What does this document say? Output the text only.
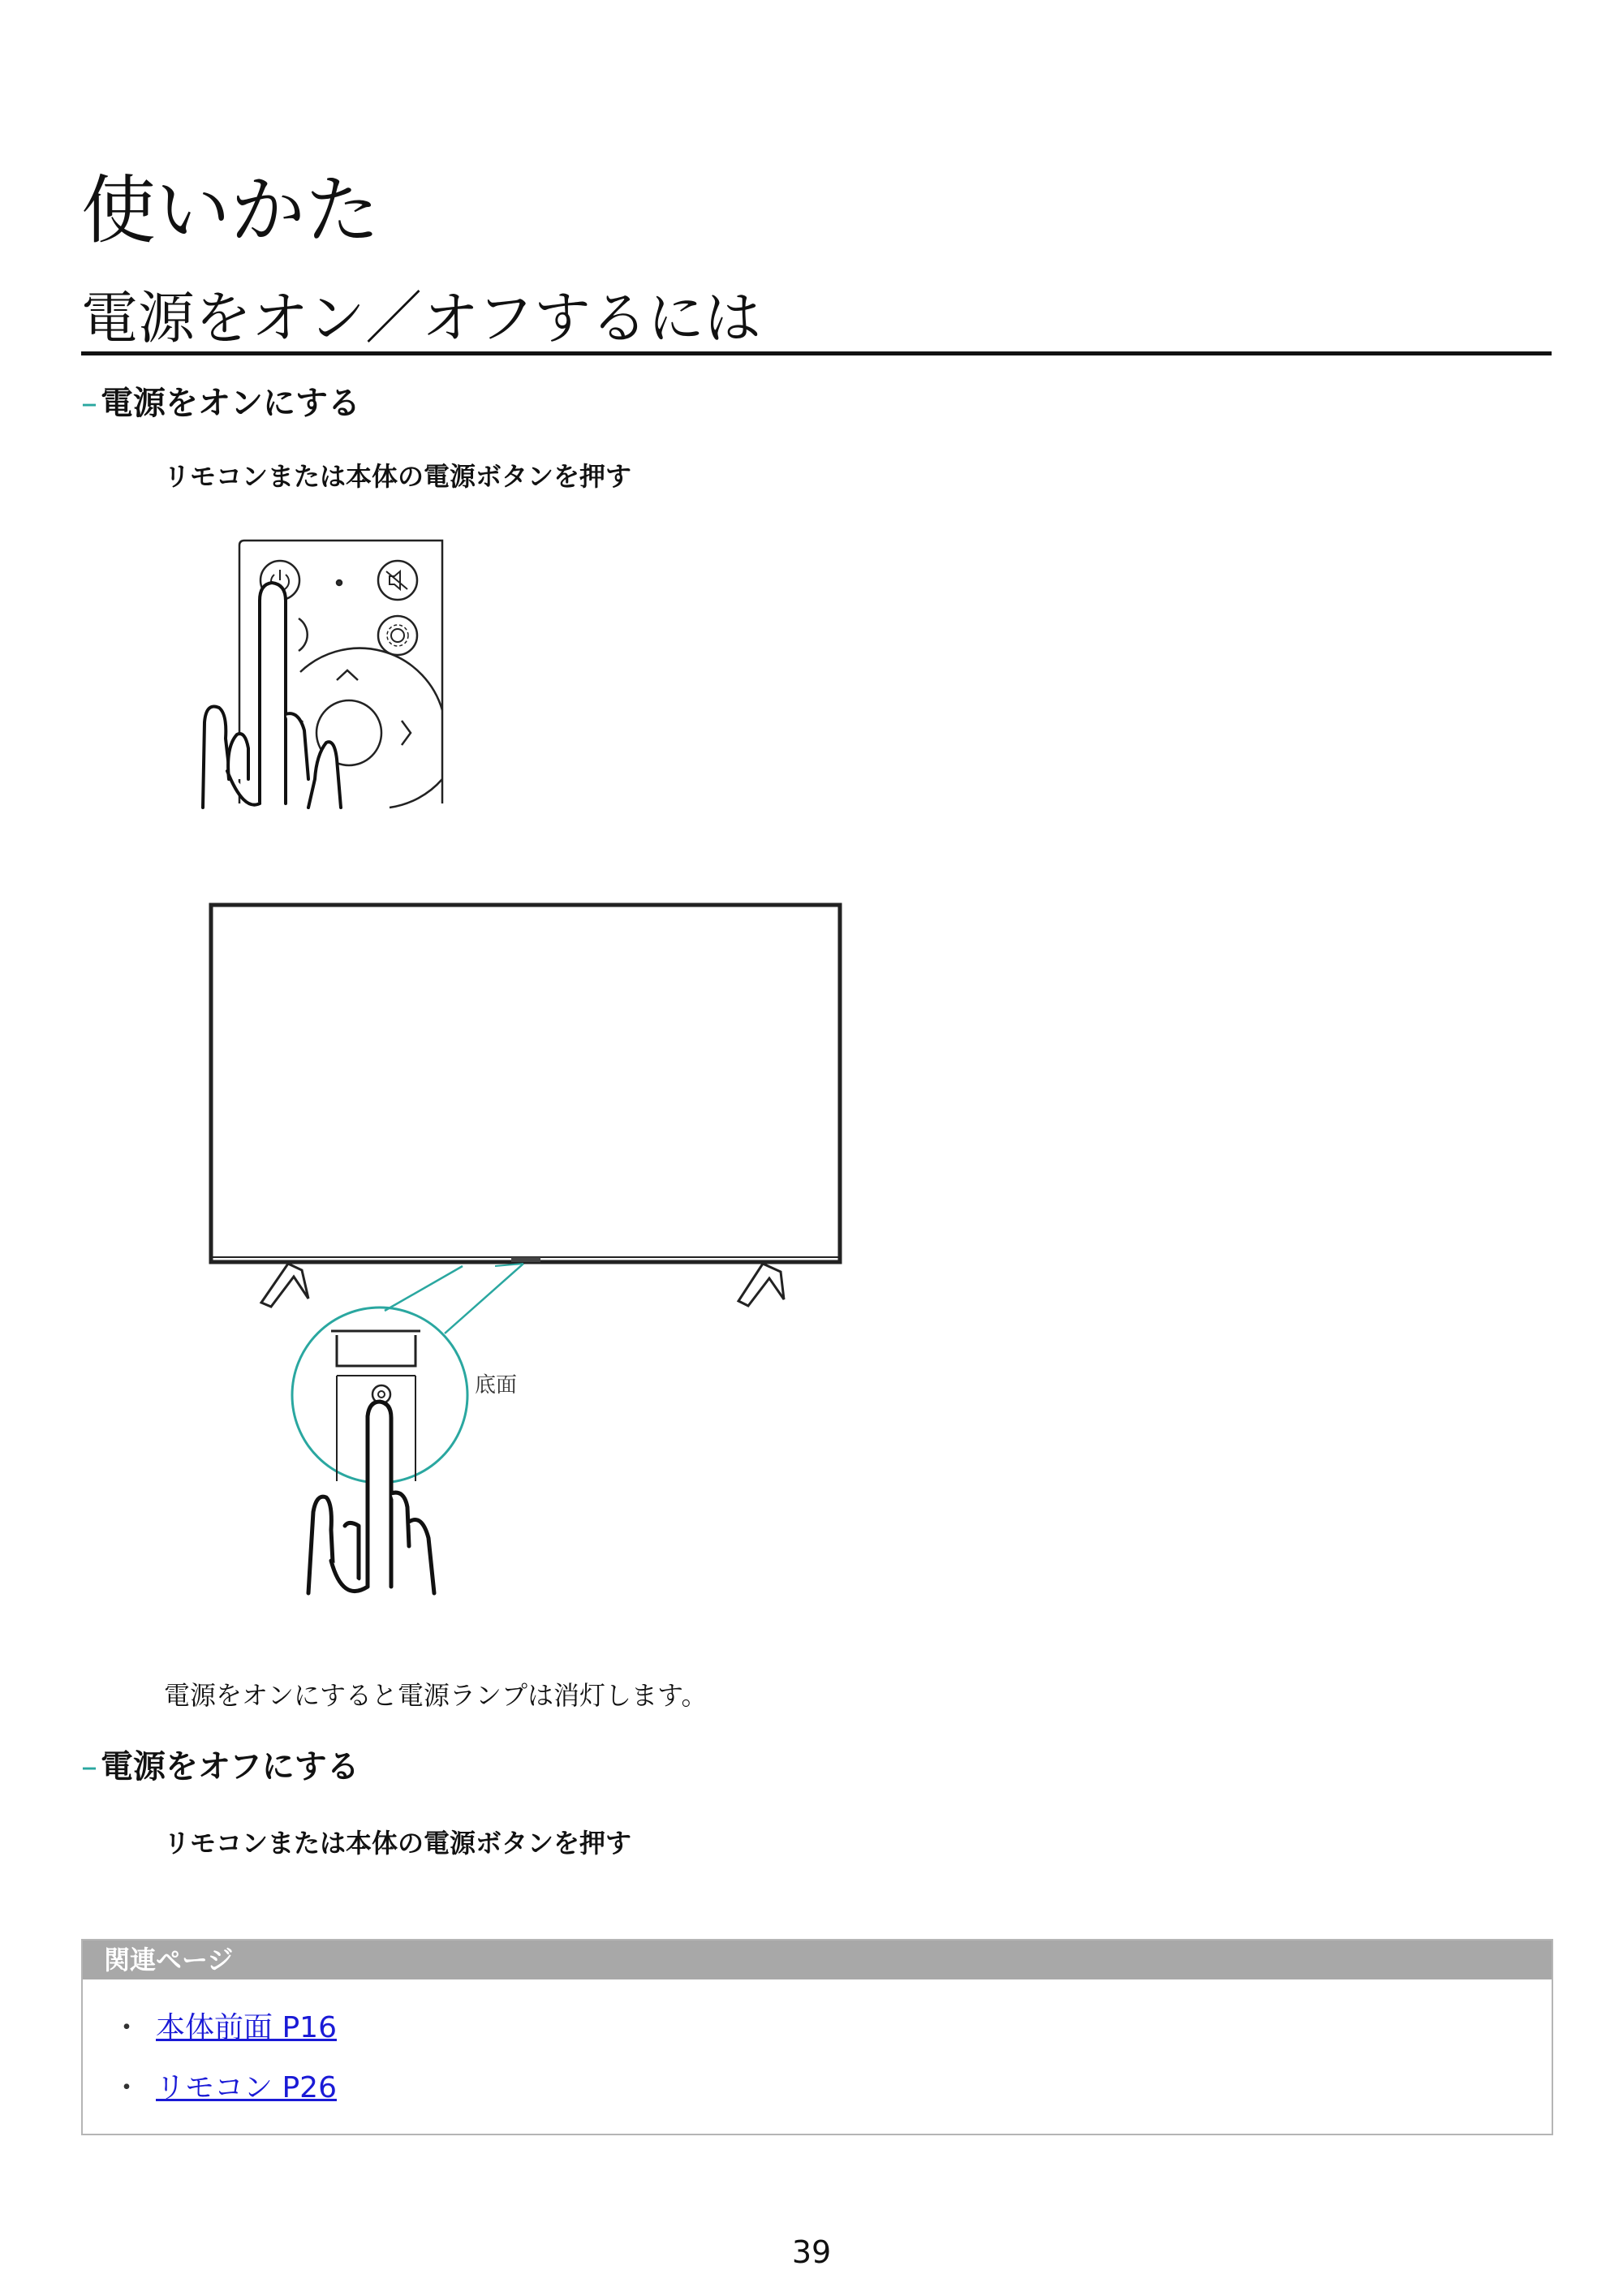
使いかた
電源をオン／オフするには
– 電源をオンにする
リモコンまたは本体の電源ボタンを押す
底面
電源をオンにすると電源ランプは消灯します。
– 電源をオフにする
リモコンまたは本体の電源ボタンを押す
関連ページ
・ 本体前面 P16
・ リモコン P26
39
